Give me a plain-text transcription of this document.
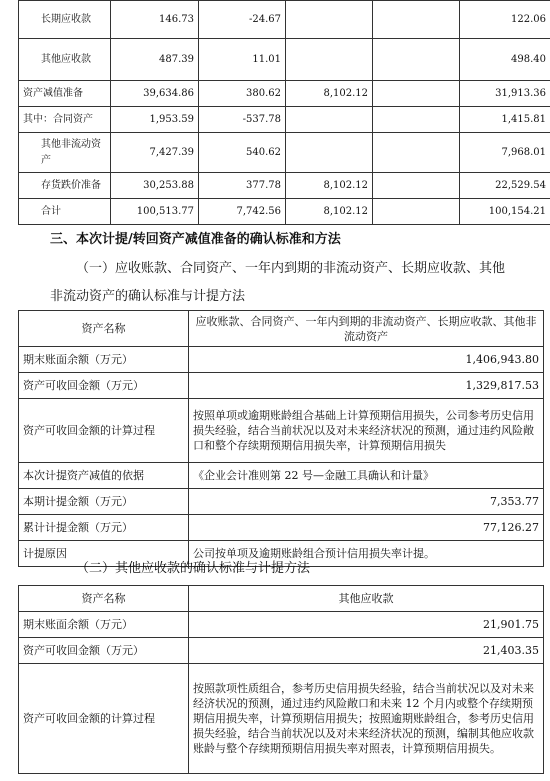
长期应收款	146.73	-24.67			122.06
其他应收款	487.39	11.01			498.40
资产减值准备	39,634.86	380.62	8,102.12		31,913.36
其中：合同资产	1,953.59	-537.78			1,415.81
其他非流动资产	7,427.39	540.62			7,968.01
存货跌价准备	30,253.88	377.78	8,102.12		22,529.54
合计	100,513.77	7,742.56	8,102.12		100,154.21

三、本次计提/转回资产减值准备的确认标准和方法

（一）应收账款、合同资产、一年内到期的非流动资产、长期应收款、其他

非流动资产的确认标准与计提方法

资产名称	应收账款、合同资产、一年内到期的非流动资产、长期应收款、其他非流动资产
期末账面余额（万元）	1,406,943.80
资产可收回金额（万元）	1,329,817.53
资产可收回金额的计算过程	按照单项或逾期账龄组合基础上计算预期信用损失，公司参考历史信用损失经验，结合当前状况以及对未来经济状况的预测，通过违约风险敞口和整个存续期预期信用损失率，计算预期信用损失
本次计提资产减值的依据	《企业会计准则第 22 号—金融工具确认和计量》
本期计提金额（万元）	7,353.77
累计计提金额（万元）	77,126.27
计提原因	公司按单项及逾期账龄组合预计信用损失率计提。

（二）其他应收款的确认标准与计提方法

资产名称	其他应收款
期末账面余额（万元）	21,901.75
资产可收回金额（万元）	21,403.35
资产可收回金额的计算过程	按照款项性质组合，参考历史信用损失经验，结合当前状况以及对未来经济状况的预测，通过违约风险敞口和未来 12 个月内或整个存续期预期信用损失率，计算预期信用损失；按照逾期账龄组合，参考历史信用损失经验，结合当前状况以及对未来经济状况的预测，编制其他应收款账龄与整个存续期预期信用损失率对照表，计算预期信用损失。
